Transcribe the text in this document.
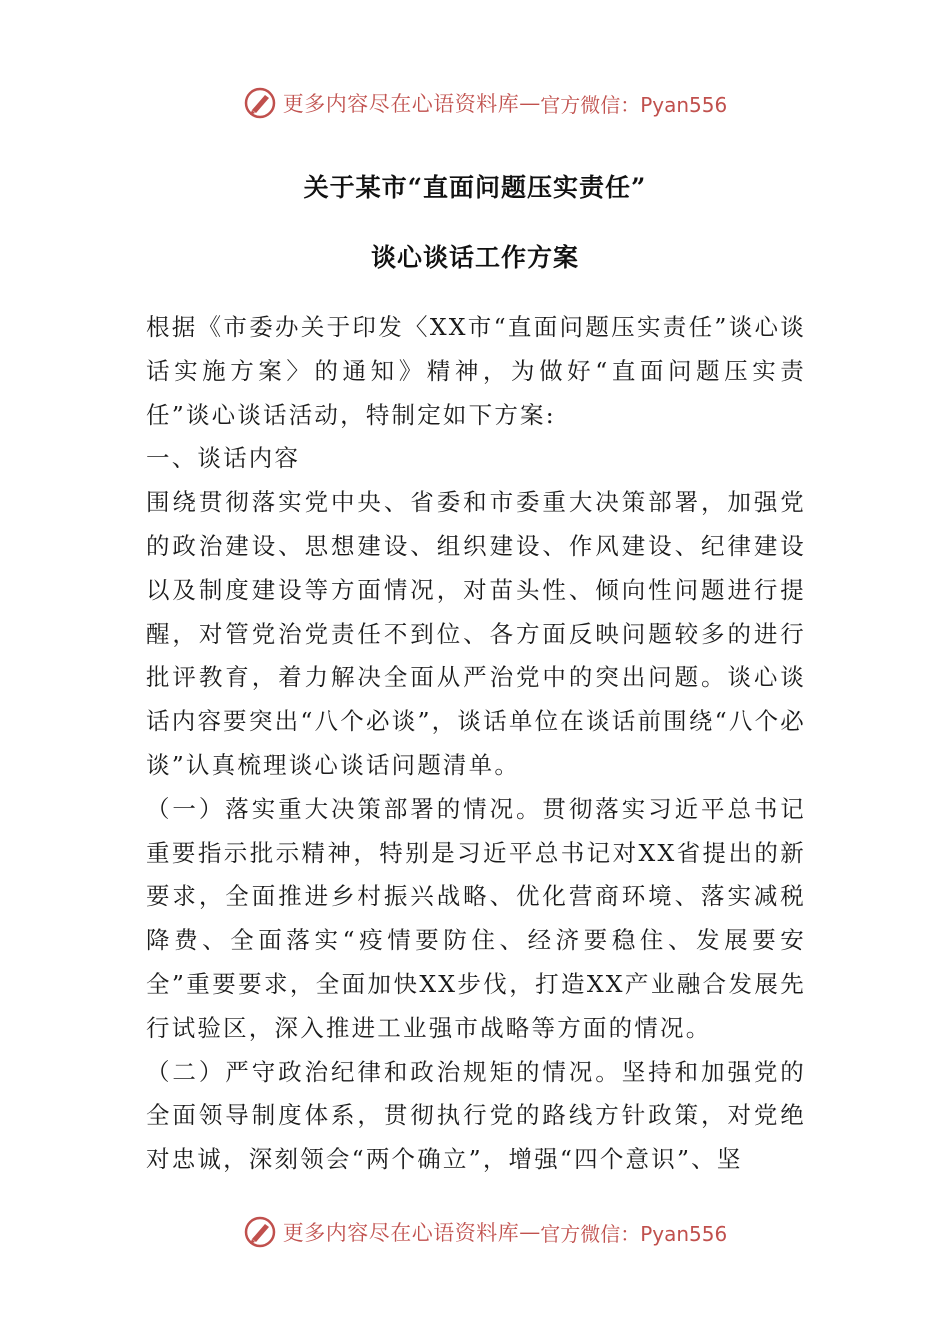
更多内容尽在心语资料库 — 官方微信：Pyan556
关于某市“直面问题压实责任”
谈心谈话工作方案

根据《市委办关于印发〈XX市“直面问题压实责任”谈心谈话实施方案〉的通知》精神，为做好“直面问题压实责任”谈心谈话活动，特制定如下方案:

一、谈话内容

围绕贯彻落实党中央、省委和市委重大决策部署，加强党的政治建设、思想建设、组织建设、作风建设、纪律建设以及制度建设等方面情况，对苗头性、倾向性问题进行提醒，对管党治党责任不到位、各方面反映问题较多的进行批评教育，着力解决全面从严治党中的突出问题。谈心谈话内容要突出“八个必谈”，谈话单位在谈话前围绕“八个必谈”认真梳理谈心谈话问题清单。

（一）落实重大决策部署的情况。贯彻落实习近平总书记重要指示批示精神，特别是习近平总书记对XX省提出的新要求，全面推进乡村振兴战略、优化营商环境、落实减税降费、全面落实“疫情要防住、经济要稳住、发展要安全”重要要求，全面加快XX步伐，打造XX产业融合发展先行试验区，深入推进工业强市战略等方面的情况。

（二）严守政治纪律和政治规矩的情况。坚持和加强党的全面领导制度体系，贯彻执行党的路线方针政策，对党绝对忠诚，深刻领会“两个确立”，增强“四个意识”、坚

更多内容尽在心语资料库 — 官方微信：Pyan556
